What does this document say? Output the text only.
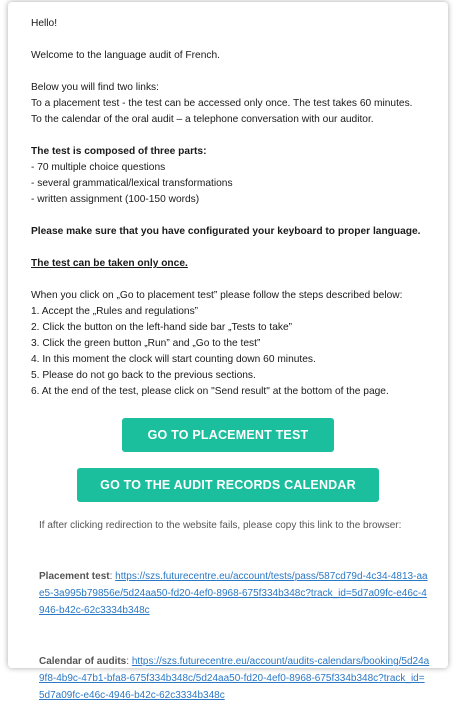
Hello!

Welcome to the language audit of French.

Below you will find two links:

To a placement test - the test can be accessed only once. The test takes 60 minutes.

To the calendar of the oral audit – a telephone conversation with our auditor.

The test is composed of three parts:

- 70 multiple choice questions

- several grammatical/lexical transformations

- written assignment (100-150 words)

Please make sure that you have configurated your keyboard to proper language.

The test can be taken only once.

When you click on „Go to placement test” please follow the steps described below:

1. Accept the „Rules and regulations”

2. Click the button on the left-hand side bar „Tests to take”

3. Click the green button „Run” and „Go to the test”

4. In this moment the clock will start counting down 60 minutes.

5. Please do not go back to the previous sections.

6. At the end of the test, please click on "Send result" at the bottom of the page.

GO TO PLACEMENT TEST
GO TO THE AUDIT RECORDS CALENDAR

If after clicking redirection to the website fails, please copy this link to the browser:

Placement test: https://szs.futurecentre.eu/account/tests/pass/587cd79d-4c34-4813-aae5-3a995b79856e/5d24aa50-fd20-4ef0-8968-675f334b348c?track_id=5d7a09fc-e46c-4946-b42c-62c3334b348c

Calendar of audits: https://szs.futurecentre.eu/account/audits-calendars/booking/5d24a9f8-4b9c-47b1-bfa8-675f334b348c/5d24aa50-fd20-4ef0-8968-675f334b348c?track_id=5d7a09fc-e46c-4946-b42c-62c3334b348c
